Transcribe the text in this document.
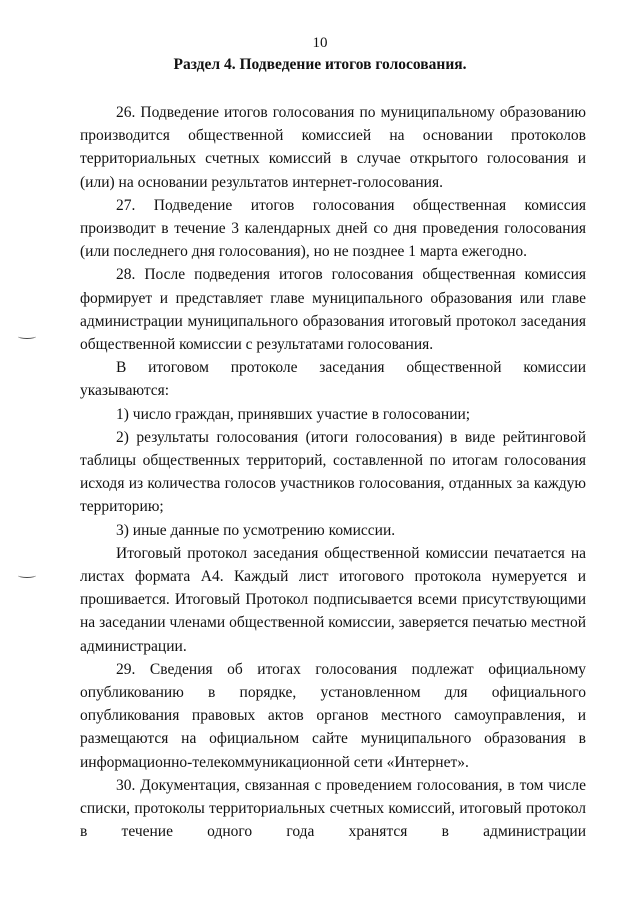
10
Раздел 4. Подведение итогов голосования.

26. Подведение итогов голосования по муниципальному образованию производится общественной комиссией на основании протоколов территориальных счетных комиссий в случае открытого голосования и (или) на основании результатов интернет-голосования.

27. Подведение итогов голосования общественная комиссия производит в течение 3 календарных дней со дня проведения голосования (или последнего дня голосования), но не позднее 1 марта ежегодно.

28. После подведения итогов голосования общественная комиссия формирует и представляет главе муниципального образования или главе администрации муниципального образования итоговый протокол заседания общественной комиссии с результатами голосования.

В итоговом протоколе заседания общественной комиссии указываются:

1) число граждан, принявших участие в голосовании;

2) результаты голосования (итоги голосования) в виде рейтинговой таблицы общественных территорий, составленной по итогам голосования исходя из количества голосов участников голосования, отданных за каждую территорию;

3) иные данные по усмотрению комиссии.

Итоговый протокол заседания общественной комиссии печатается на листах формата А4. Каждый лист итогового протокола нумеруется и прошивается. Итоговый Протокол подписывается всеми присутствующими на заседании членами общественной комиссии, заверяется печатью местной администрации.

29. Сведения об итогах голосования подлежат официальному опубликованию в порядке, установленном для официального опубликования правовых актов органов местного самоуправления, и размещаются на официальном сайте муниципального образования в информационно-телекоммуникационной сети «Интернет».

30. Документация, связанная с проведением голосования, в том числе списки, протоколы территориальных счетных комиссий, итоговый протокол в течение одного года хранятся в администрации
